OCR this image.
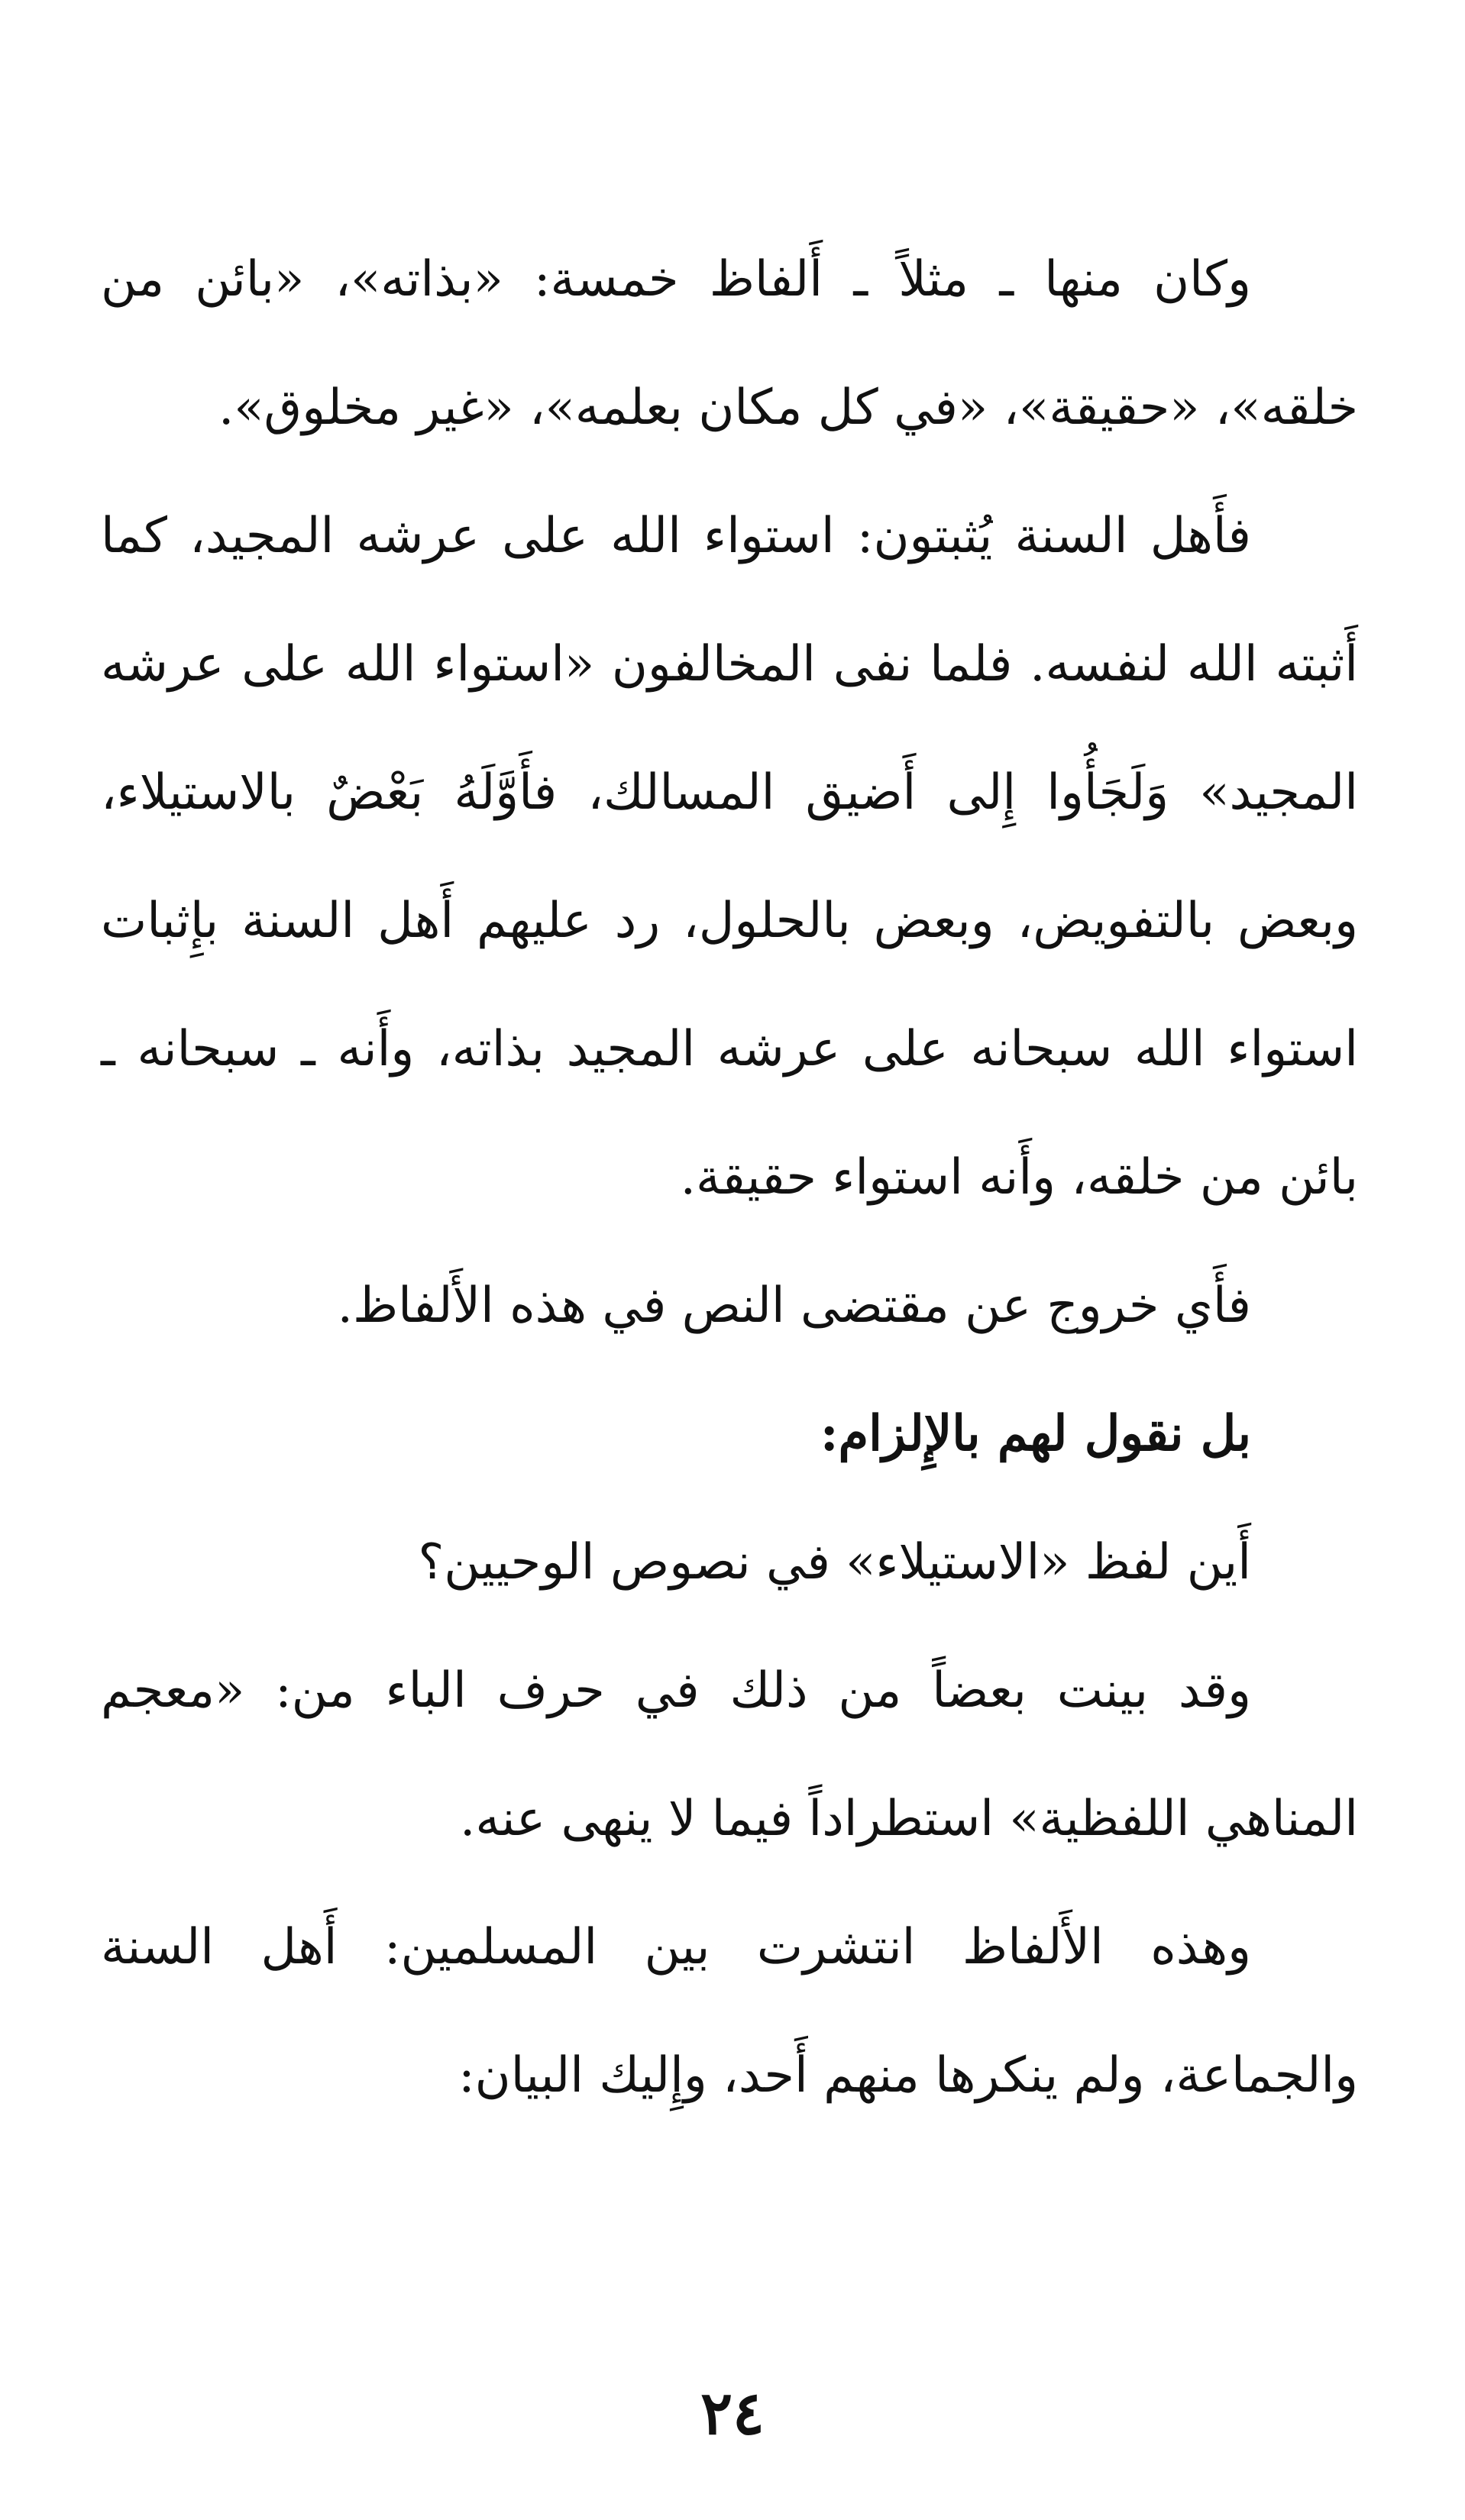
وكان منها ـ مثلاً ـ أَلفاظ خمسة: «بذاته»، «بائن من خلقه»، «حقيقة»، «في كل مكان بعلمه»، «غير مخلوق».

فأَهل السنة يُثبتون: استواء الله على عرشه المجيد، كما أَثبته الله لنفسه. فلما نفى المخالفون «استواء الله على عرشه المجيد» وَلَجَأُوا إِلى أَضيق المسالك، فأَوَّلَهُ بَعْضٌ بالاستيلاء، وبعض بالتفويض، وبعض بالحلول، رد عليهم أَهل السنة بإِثبات استواء الله سبحانه على عرشه المجيد بذاته، وأَنه ـ سبحانه ـ بائن من خلقه، وأَنه استواء حقيقة.

فأَي خروج عن مقتضى النص في هذه الأَلفاظ.

بل نقول لهم بالإِلزام:

أَين لفظ «الاستيلاء» في نصوص الوحيين؟

وقد بينت بعضاً من ذلك في حرف الباء من: «معجم المناهي اللفظية» استطراداً فيما لا ينهى عنه.

وهذه الأَلفاظ انتشرت بين المسلمين: أَهل السنة والجماعة، ولم ينكرها منهم أَحد، وإِليك البيان:

٢٤
